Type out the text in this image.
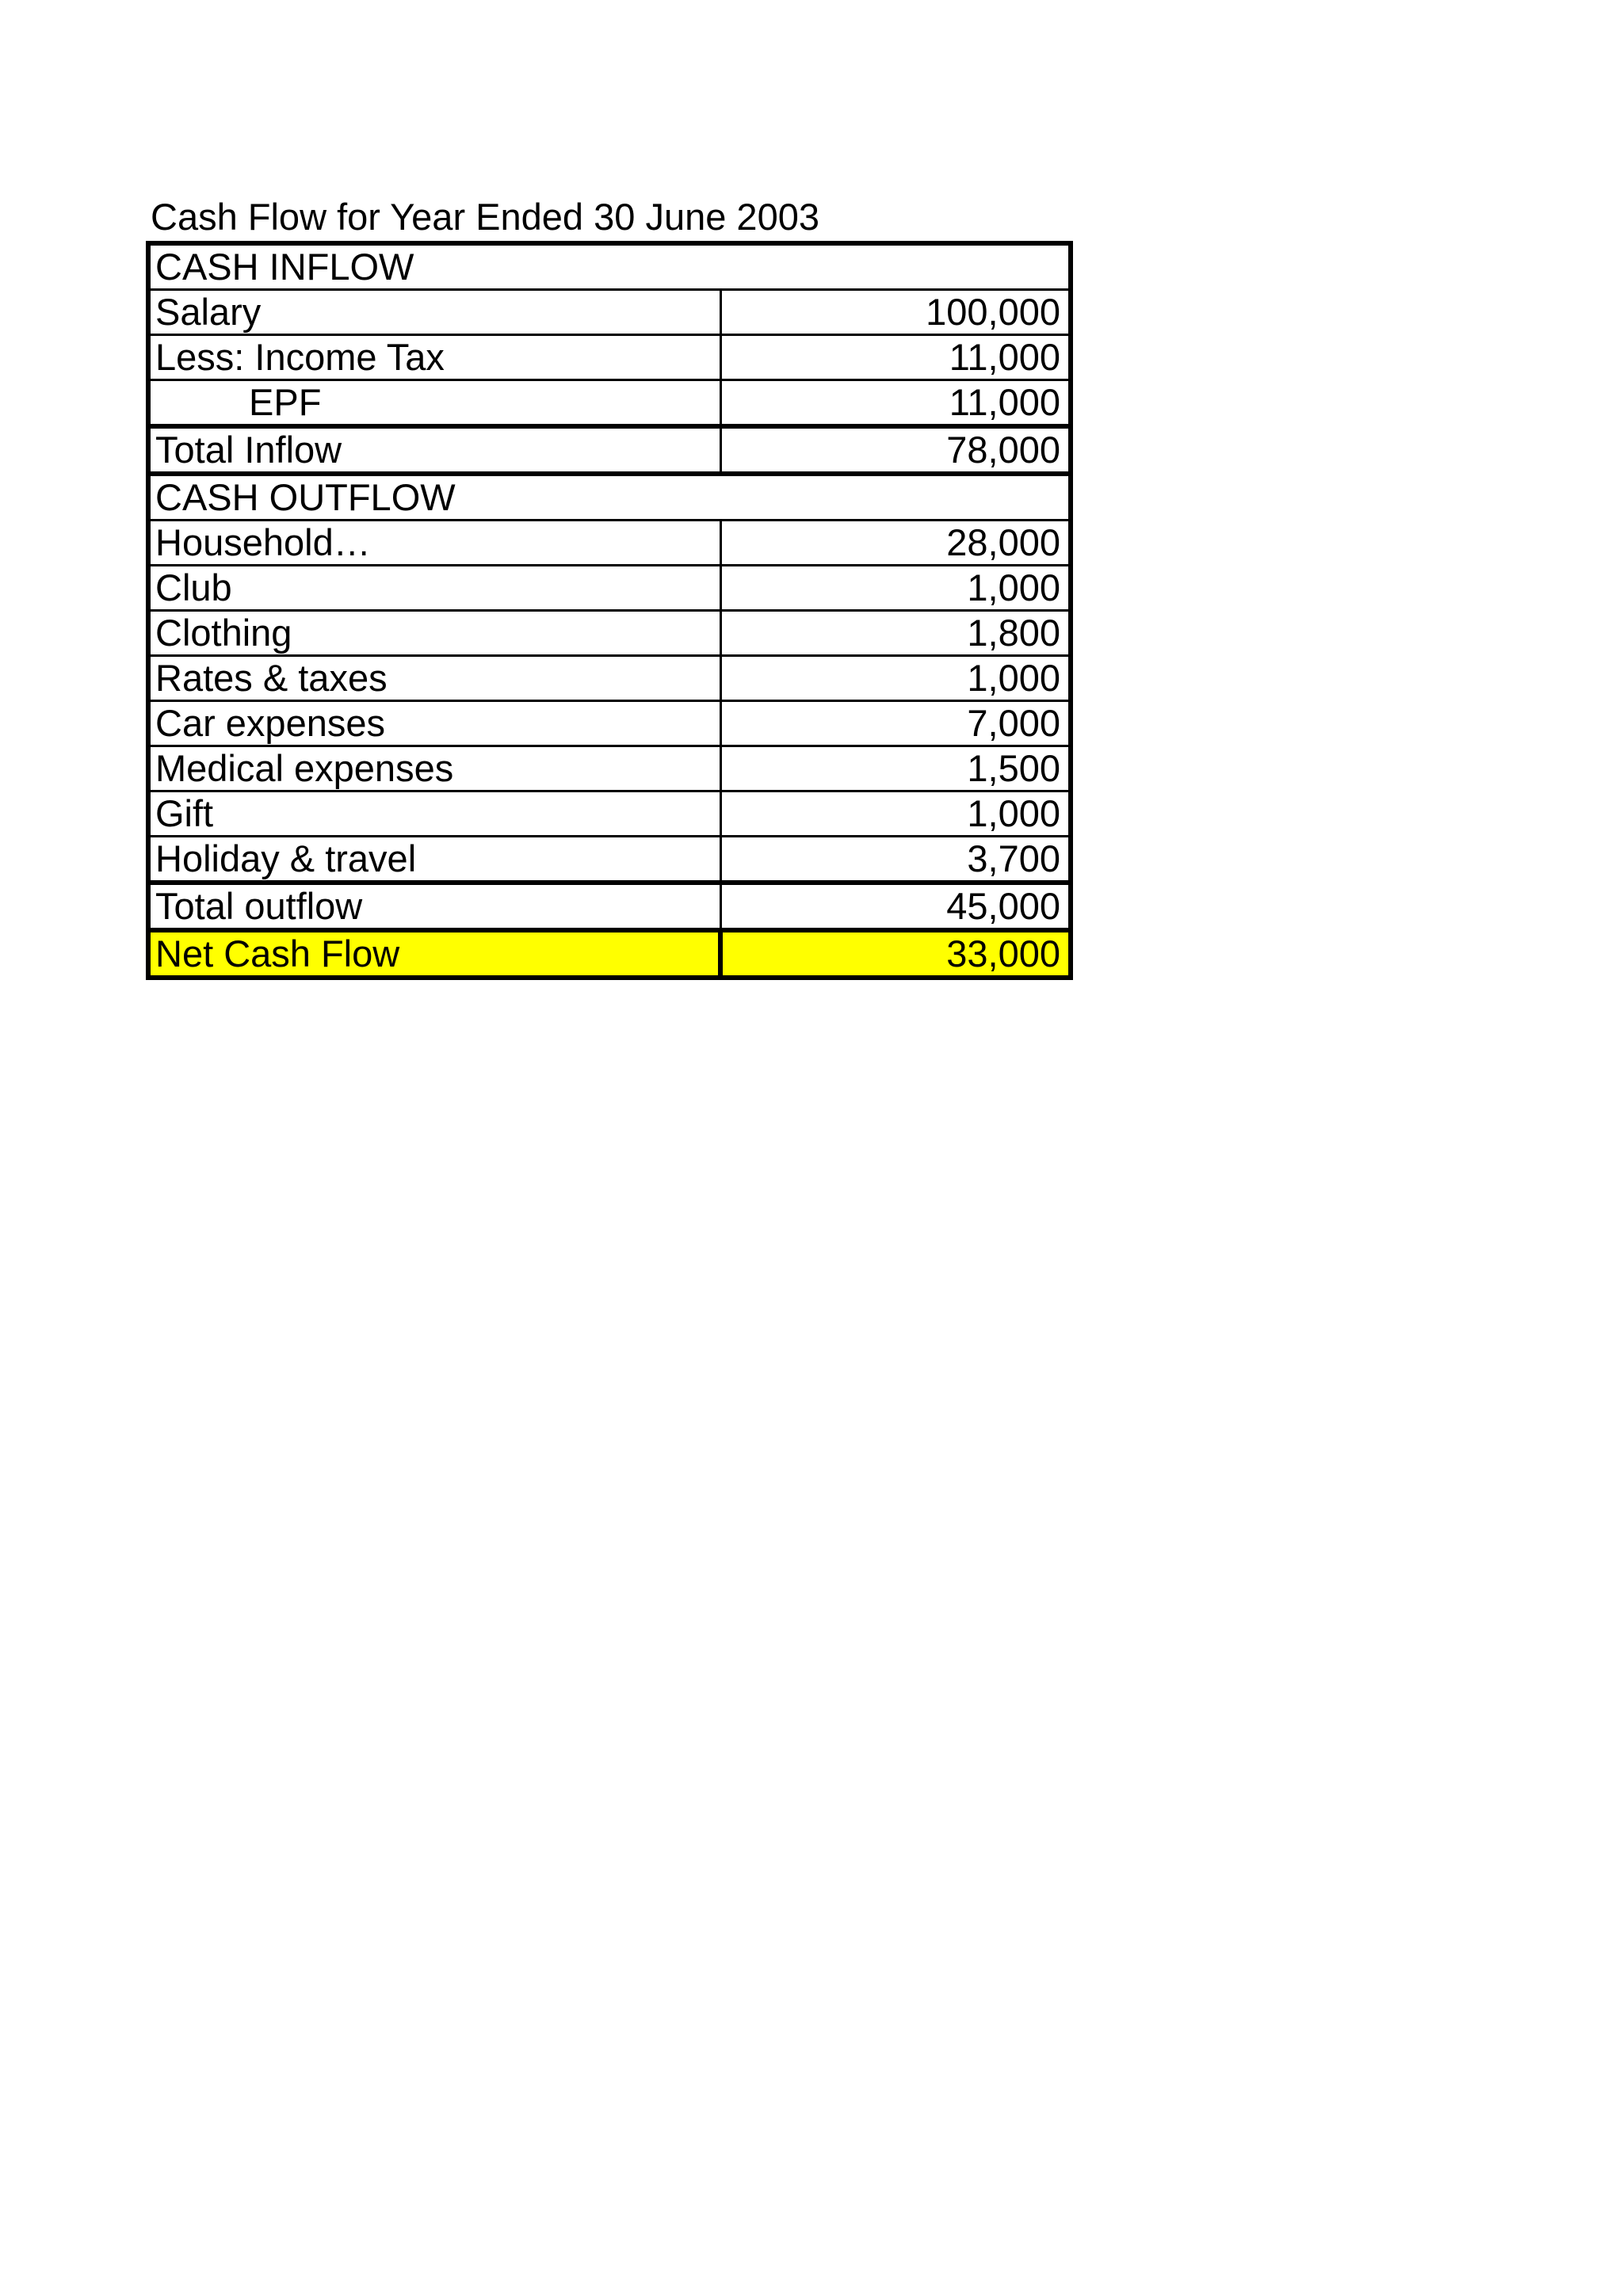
Cash Flow for Year Ended 30 June 2003
CASH INFLOW	
Salary	100,000
Less: Income Tax	11,000
EPF	11,000
Total Inflow	78,000
CASH OUTFLOW	
Household…	28,000
Club	1,000
Clothing	1,800
Rates & taxes	1,000
Car expenses	7,000
Medical expenses	1,500
Gift	1,000
Holiday & travel	3,700
Total outflow	45,000
Net Cash Flow	33,000
